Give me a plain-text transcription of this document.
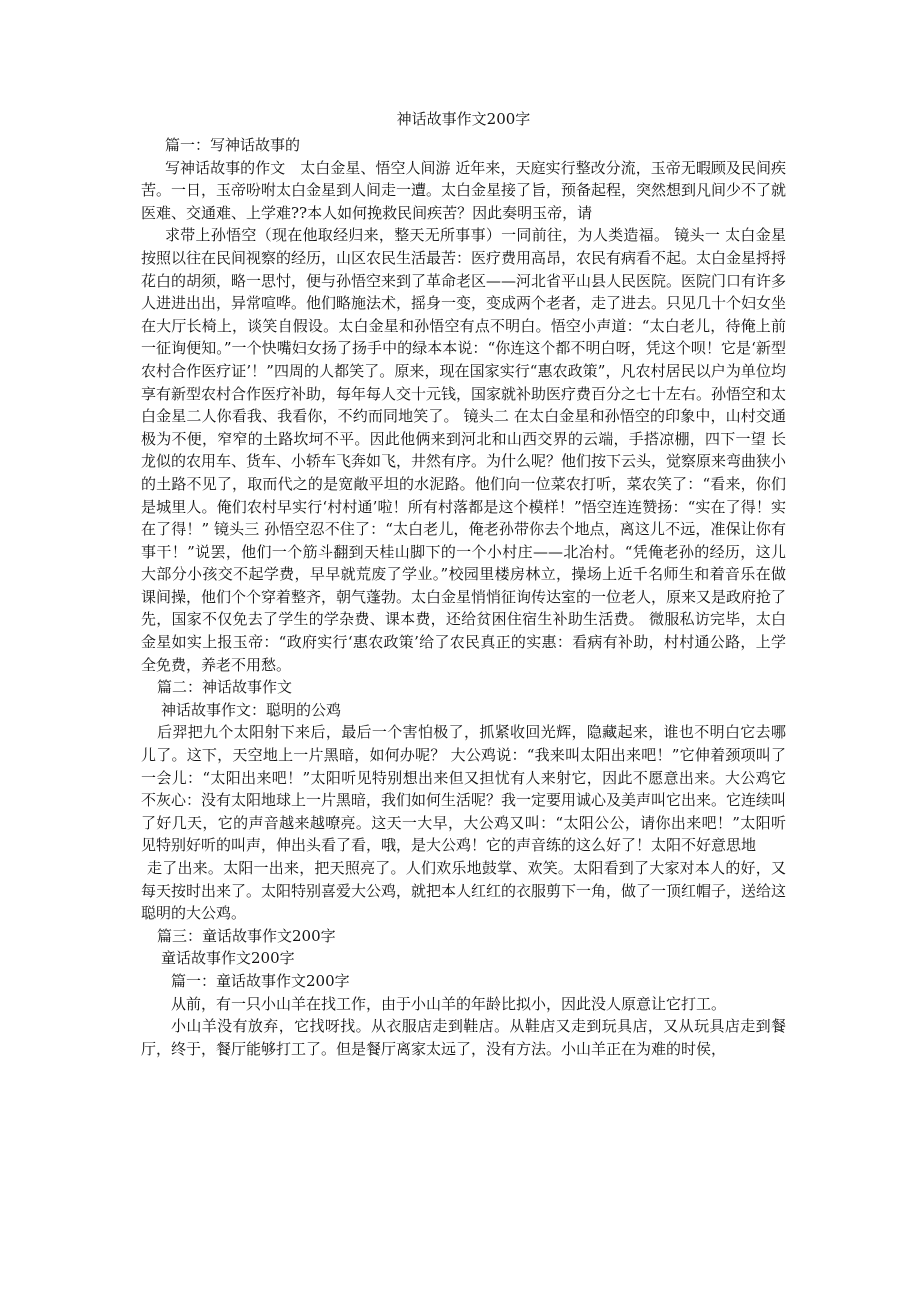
神话故事作文200字

篇一：写神话故事的

写神话故事的作文　太白金星、悟空人间游 近年来，天庭实行整改分流，玉帝无暇顾及民间疾苦。一日，玉帝吩咐太白金星到人间走一遭。太白金星接了旨，预备起程，突然想到凡间少不了就医难、交通难、上学难??本人如何挽救民间疾苦？因此奏明玉帝，请

求带上孙悟空（现在他取经归来，整天无所事事）一同前往，为人类造福。 镜头一 太白金星按照以往在民间视察的经历，山区农民生活最苦：医疗费用高昂，农民有病看不起。太白金星捋捋花白的胡须，略一思忖，便与孙悟空来到了革命老区——河北省平山县人民医院。医院门口有许多人进进出出，异常喧哗。他们略施法术，摇身一变，变成两个老者，走了进去。只见几十个妇女坐在大厅长椅上，谈笑自假设。太白金星和孙悟空有点不明白。悟空小声道：“太白老儿，待俺上前一征询便知。”一个快嘴妇女扬了扬手中的绿本本说：“你连这个都不明白呀，凭这个呗！它是‘新型农村合作医疗证’！”四周的人都笑了。原来，现在国家实行“惠农政策”，凡农村居民以户为单位均享有新型农村合作医疗补助，每年每人交十元钱，国家就补助医疗费百分之七十左右。孙悟空和太白金星二人你看我、我看你，不约而同地笑了。 镜头二 在太白金星和孙悟空的印象中，山村交通极为不便，窄窄的土路坎坷不平。因此他俩来到河北和山西交界的云端，手搭凉棚，四下一望 长龙似的农用车、货车、小轿车飞奔如飞，井然有序。为什么呢？他们按下云头，觉察原来弯曲狭小的土路不见了，取而代之的是宽敞平坦的水泥路。他们向一位菜农打听，菜农笑了：“看来，你们是城里人。俺们农村早实行‘村村通’啦！所有村落都是这个模样！”悟空连连赞扬：“实在了得！实在了得！” 镜头三 孙悟空忍不住了：“太白老儿，俺老孙带你去个地点，离这儿不远，准保让你有事干！”说罢，他们一个筋斗翻到天桂山脚下的一个小村庄——北冶村。“凭俺老孙的经历，这儿大部分小孩交不起学费，早早就荒废了学业。”校园里楼房林立，操场上近千名师生和着音乐在做课间操，他们个个穿着整齐，朝气蓬勃。太白金星悄悄征询传达室的一位老人，原来又是政府抢了先，国家不仅免去了学生的学杂费、课本费，还给贫困住宿生补助生活费。 微服私访完毕，太白金星如实上报玉帝：“政府实行‘惠农政策’给了农民真正的实惠：看病有补助，村村通公路，上学全免费，养老不用愁。

篇二：神话故事作文

神话故事作文：聪明的公鸡

后羿把九个太阳射下来后，最后一个害怕极了，抓紧收回光辉，隐藏起来，谁也不明白它去哪儿了。这下，天空地上一片黑暗，如何办呢？ 大公鸡说：“我来叫太阳出来吧！”它伸着颈项叫了一会儿：“太阳出来吧！”太阳听见特别想出来但又担忧有人来射它，因此不愿意出来。大公鸡它不灰心：没有太阳地球上一片黑暗，我们如何生活呢？我一定要用诚心及美声叫它出来。它连续叫了好几天，它的声音越来越嘹亮。这天一大早，大公鸡又叫：“太阳公公，请你出来吧！”太阳听见特别好听的叫声，伸出头看了看，哦，是大公鸡！它的声音练的这么好了！太阳不好意思地

走了出来。太阳一出来，把天照亮了。人们欢乐地鼓掌、欢笑。太阳看到了大家对本人的好，又每天按时出来了。太阳特别喜爱大公鸡，就把本人红红的衣服剪下一角，做了一顶红帽子，送给这聪明的大公鸡。

篇三：童话故事作文200字

童话故事作文200字

篇一：童话故事作文200字

从前，有一只小山羊在找工作，由于小山羊的年龄比拟小，因此没人原意让它打工。

小山羊没有放弃，它找呀找。从衣服店走到鞋店。从鞋店又走到玩具店，又从玩具店走到餐厅，终于，餐厅能够打工了。但是餐厅离家太远了，没有方法。小山羊正在为难的时侯，
